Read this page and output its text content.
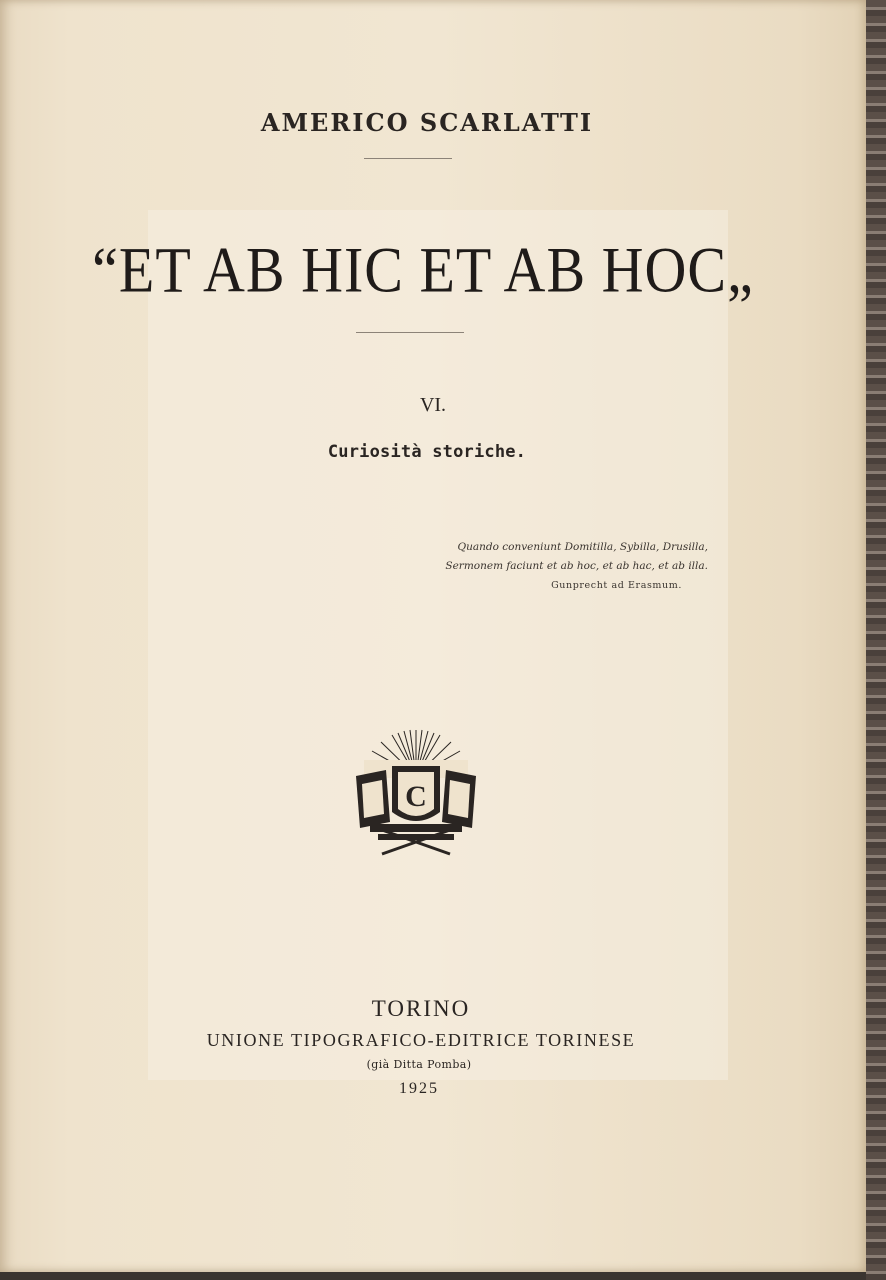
AMERICO SCARLATTI
“ET AB HIC ET AB HOC„
VI.
Curiosità storiche.
Quando conveniunt Domitilla, Sybilla, Drusilla,
Sermonem faciunt et ab hoc, et ab hac, et ab illa.
Gunprecht ad Erasmum.
C
TORINO
UNIONE TIPOGRAFICO-EDITRICE TORINESE
(già Ditta Pomba)
1925
